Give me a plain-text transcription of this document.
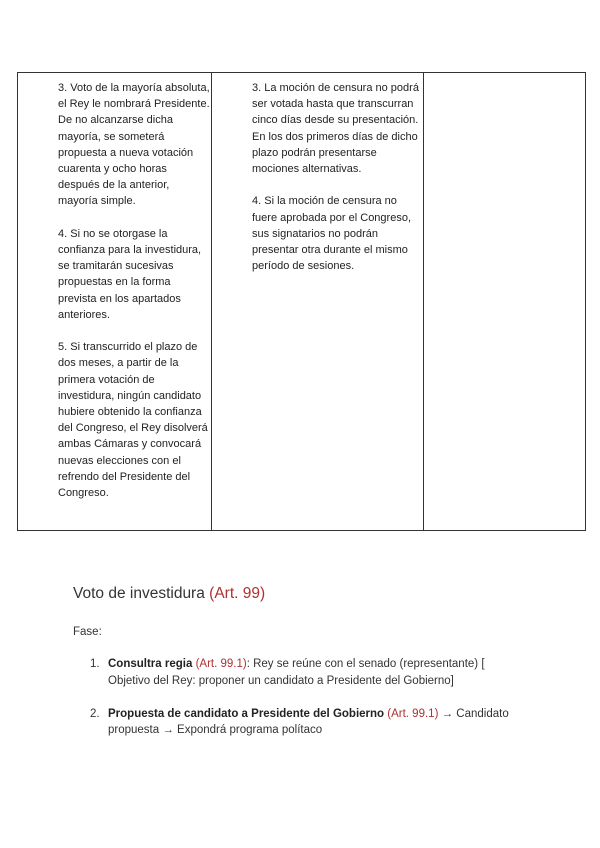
3. Voto de la mayoría absoluta, el Rey le nombrará Presidente. De no alcanzarse dicha mayoría, se someterá propuesta a nueva votación cuarenta y ocho horas después de la anterior, mayoría simple.

4. Si no se otorgase la confianza para la investidura, se tramitarán sucesivas propuestas en la forma prevista en los apartados anteriores.

5. Si transcurrido el plazo de dos meses, a partir de la primera votación de investidura, ningún candidato hubiere obtenido la confianza del Congreso, el Rey disolverá ambas Cámaras y convocará nuevas elecciones con el refrendo del Presidente del Congreso.

3. La moción de censura no podrá ser votada hasta que transcurran cinco días desde su presentación. En los dos primeros días de dicho plazo podrán presentarse mociones alternativas.

4. Si la moción de censura no fuere aprobada por el Congreso, sus signatarios no podrán presentar otra durante el mismo período de sesiones.

Voto de investidura (Art. 99)
Fase:
1. Consultra regia (Art. 99.1): Rey se reúne con el senado (representante) [ Objetivo del Rey: proponer un candidato a Presidente del Gobierno]
2. Propuesta de candidato a Presidente del Gobierno (Art. 99.1) → Candidato propuesta → Expondrá programa polítaco
